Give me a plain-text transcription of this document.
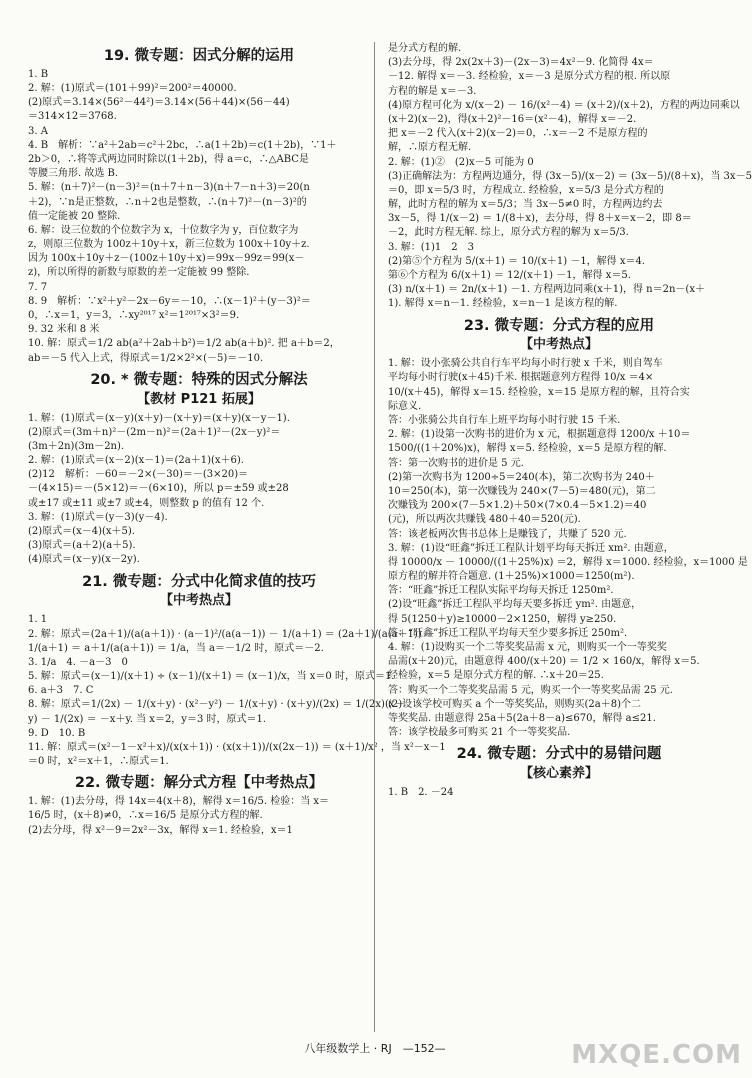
19. 微专题：因式分解的运用
1. B
2. 解：(1)原式＝(101＋99)²＝200²＝40000.
(2)原式＝3.14×(56²－44²)＝3.14×(56＋44)×(56－44)
＝314×12＝3768.
3. A
4. B　解析：∵a²＋2ab＝c²＋2bc，∴a(1＋2b)＝c(1＋2b)，∵1＋
2b＞0，∴将等式两边同时除以(1＋2b)，得 a＝c，∴△ABC是
等腰三角形. 故选 B.
5. 解：(n＋7)²－(n－3)²＝(n＋7＋n－3)(n＋7－n＋3)＝20(n
＋2)，∵n是正整数，∴n＋2也是整数，∴(n＋7)²－(n－3)²的
值一定能被 20 整除.
6. 解：设三位数的个位数字为 x，十位数字为 y，百位数字为
z，则原三位数为 100z＋10y＋x，新三位数为 100x＋10y＋z.
因为 100x＋10y＋z－(100z＋10y＋x)＝99x－99z＝99(x－
z)，所以所得的新数与原数的差一定能被 99 整除.
7. 7
8. 9　解析：∵x²＋y²－2x－6y＝－10，∴(x－1)²＋(y－3)²＝
0，∴x＝1，y＝3，∴xy²⁰¹⁷ x²＝1²⁰¹⁷×3²＝9.
9. 32 米和 8 米
10. 解：原式＝1/2 ab(a²＋2ab＋b²)＝1/2 ab(a＋b)². 把 a＋b＝2，
ab＝－5 代入上式，得原式＝1/2×2²×(－5)＝－10.
20. * 微专题：特殊的因式分解法
【教材 P121 拓展】
1. 解：(1)原式＝(x－y)(x＋y)－(x＋y)＝(x＋y)(x－y－1).
(2)原式＝(3m＋n)²－(2m－n)²＝(2a＋1)²－(2x－y)²＝
(3m＋2n)(3m－2n).
2. 解：(1)原式＝(x－2)(x－1)＝(2a＋1)(x＋6).
(2)12　解析：－60＝－2×(－30)＝－(3×20)＝
－(4×15)＝－(5×12)＝－(6×10)，所以 p＝±59 或±28
或±17 或±11 或±7 或±4，则整数 p 的值有 12 个.
3. 解：(1)原式＝(y－3)(y－4).
(2)原式＝(x－4)(x＋5).
(3)原式＝(a＋2)(a＋5).
(4)原式＝(x－y)(x－2y).
21. 微专题：分式中化简求值的技巧
【中考热点】
1. 1
2. 解：原式＝(2a＋1)/(a(a＋1)) · (a－1)²/(a(a－1)) － 1/(a＋1) ＝ (2a＋1)/(a(a＋1)) －
1/(a＋1) ＝ a＋1/(a(a＋1)) ＝ 1/a，当 a＝－1/2 时，原式＝－2.
3. 1/a　4. －a－3　0
5. 解：原式＝(x－1)/(x＋1) ÷ (x－1)/(x＋1) ＝ (x－1)/x，当 x＝0 时，原式＝1.
6. a＋3　7. C
8. 解：原式＝1/(2x) － 1/(x＋y) · (x²－y²) － 1/(x＋y) · (x＋y)/(2x) ＝ 1/(2x)(x－
y) － 1/(2x) ＝ －x＋y. 当 x＝2，y＝3 时，原式＝1.
9. D　10. B
11. 解：原式＝(x²－1－x²＋x)/(x(x＋1)) · (x(x＋1))/(x(2x－1)) ＝ (x＋1)/x² ，当 x²－x－1
＝0 时，x²＝x＋1，∴原式＝1.
22. 微专题：解分式方程【中考热点】
1. 解：(1)去分母，得 14x＝4(x＋8)，解得 x＝16/5. 检验：当 x＝
16/5 时，(x＋8)≠0，∴x＝16/5 是原分式方程的解.
(2)去分母，得 x²－9＝2x²－3x，解得 x＝1. 经检验，x＝1
是分式方程的解.
(3)去分母，得 2x(2x＋3)－(2x－3)＝4x²－9. 化简得 4x＝
－12. 解得 x＝－3. 经检验，x＝－3 是原分式方程的根. 所以原
方程的解是 x＝－3.
(4)原方程可化为 x/(x－2) － 16/(x²－4) ＝ (x＋2)/(x＋2)，方程的两边同乘以
(x＋2)(x－2)，得(x＋2)²－16＝(x²－4)，解得 x＝－2.
把 x＝－2 代入(x＋2)(x－2)＝0，∴x＝－2 不是原方程的
解，∴原方程无解.
2. 解：(1)②　(2)x－5 可能为 0
(3)正确解法为：方程两边通分，得 (3x－5)/(x－2) ＝ (3x－5)/(8＋x)，当 3x－5
＝0，即 x＝5/3 时，方程成立. 经检验，x＝5/3 是分式方程的
解，此时方程的解为 x＝5/3；当 3x－5≠0 时，方程两边约去
3x－5，得 1/(x－2) ＝ 1/(8＋x)，去分母，得 8＋x＝x－2，即 8＝
－2，此时方程无解. 综上，原分式方程的解为 x＝5/3.
3. 解：(1)1　2　3
(2)第⑤个方程为 5/(x＋1) ＝ 10/(x＋1) －1，解得 x＝4.
第⑥个方程为 6/(x＋1) ＝ 12/(x＋1) －1，解得 x＝5.
(3) n/(x＋1) ＝ 2n/(x＋1) －1. 方程两边同乘(x＋1)，得 n＝2n－(x＋
1). 解得 x＝n－1. 经检验，x＝n－1 是该方程的解.
23. 微专题：分式方程的应用
【中考热点】
1. 解：设小张骑公共自行车平均每小时行驶 x 千米，则自驾车
平均每小时行驶(x＋45)千米. 根据题意列方程得 10/x ＝4×
10/(x＋45)，解得 x＝15. 经检验，x＝15 是原方程的解，且符合实
际意义.
答：小张骑公共自行车上班平均每小时行驶 15 千米.
2. 解：(1)设第一次购书的进价为 x 元，根据题意得 1200/x ＋10＝
1500/((1＋20%)x)，解得 x＝5. 经检验，x＝5 是原方程的解.
答：第一次购书的进价是 5 元.
(2)第一次购书为 1200÷5＝240(本)，第二次购书为 240＋
10＝250(本)，第一次赚钱为 240×(7－5)＝480(元)，第二
次赚钱为 200×(7－5×1.2)＋50×(7×0.4－5×1.2)＝40
(元)，所以两次共赚钱 480＋40＝520(元).
答：该老板两次售书总体上是赚钱了，共赚了 520 元.
3. 解：(1)设“旺鑫”拆迁工程队计划平均每天拆迁 xm². 由题意，
得 10000/x － 10000/((1＋25%)x) ＝2，解得 x＝1000. 经检验，x＝1000 是
原方程的解并符合题意. (1＋25%)×1000＝1250(m²).
答：“旺鑫”拆迁工程队实际平均每天拆迁 1250m².
(2)设“旺鑫”拆迁工程队平均每天要多拆迁 ym². 由题意，
得 5(1250＋y)≥10000－2×1250，解得 y≥250.
答：“旺鑫”拆迁工程队平均每天至少要多拆迁 250m².
4. 解：(1)设购买一个二等奖奖品需 x 元，则购买一个一等奖奖
品需(x＋20)元，由题意得 400/(x＋20) ＝ 1/2 × 160/x，解得 x＝5.
经检验，x＝5 是原分式方程的解. ∴x＋20＝25.
答：购买一个二等奖奖品需 5 元，购买一个一等奖奖品需 25 元.
(2)设该学校可购买 a 个一等奖奖品，则购买(2a＋8)个二
等奖奖品. 由题意得 25a＋5(2a＋8－a)≤670，解得 a≤21.
答：该学校最多可购买 21 个一等奖奖品.
24. 微专题：分式中的易错问题
【核心素养】
1. B　2. －24
八年级数学上 · RJ　—152—	MXQE.COM
